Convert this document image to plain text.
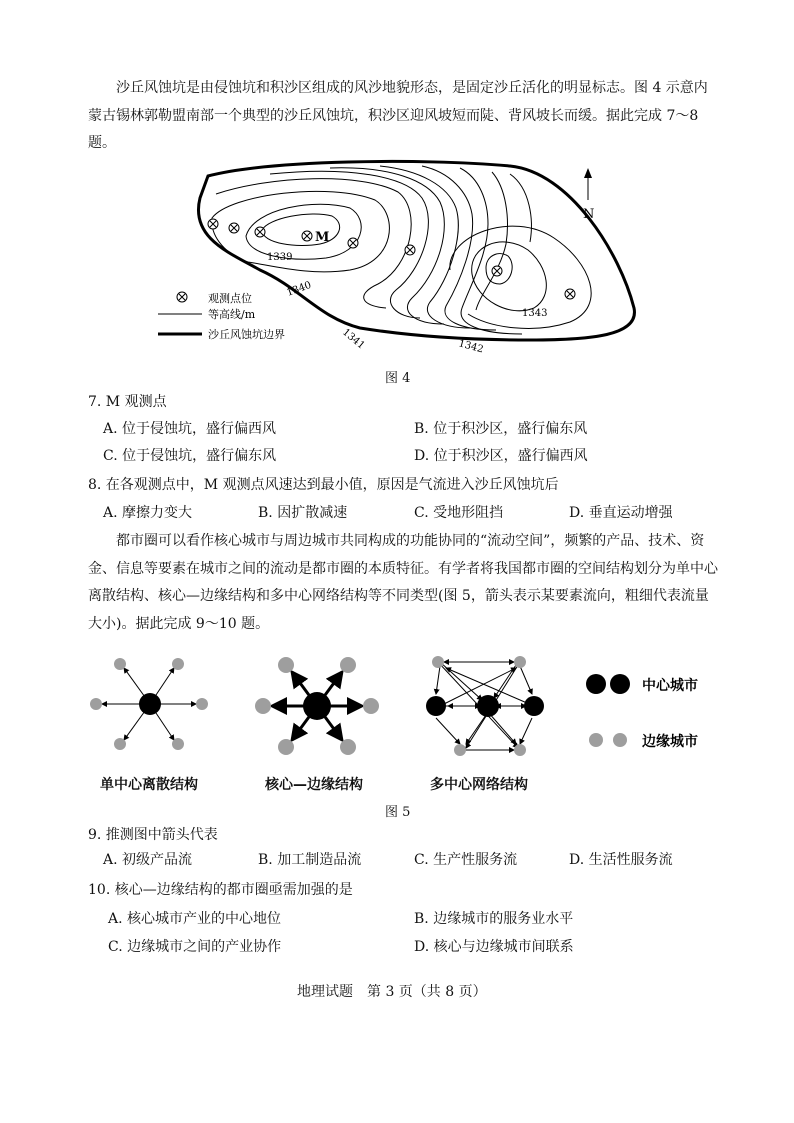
沙丘风蚀坑是由侵蚀坑和积沙区组成的风沙地貌形态，是固定沙丘活化的明显标志。图 4 示意内蒙古锡林郭勒盟南部一个典型的沙丘风蚀坑，积沙区迎风坡短而陡、背风坡长而缓。据此完成 7～8 题。
1339
1340
1341	1342
1343
M
N
观测点位
等高线/m
沙丘风蚀坑边界
图 4
7. M 观测点
A. 位于侵蚀坑，盛行偏西风	B. 位于积沙区，盛行偏东风
C. 位于侵蚀坑，盛行偏东风	D. 位于积沙区，盛行偏西风
8. 在各观测点中，M 观测点风速达到最小值，原因是气流进入沙丘风蚀坑后
A. 摩擦力变大	B. 因扩散减速	C. 受地形阻挡	D. 垂直运动增强
都市圈可以看作核心城市与周边城市共同构成的功能协同的“流动空间”，频繁的产品、技术、资金、信息等要素在城市之间的流动是都市圈的本质特征。有学者将我国都市圈的空间结构划分为单中心离散结构、核心—边缘结构和多中心网络结构等不同类型(图 5，箭头表示某要素流向，粗细代表流量大小)。据此完成 9～10 题。
中心城市
边缘城市
单中心离散结构	核心—边缘结构	多中心网络结构
图 5
9. 推测图中箭头代表
A. 初级产品流	B. 加工制造品流	C. 生产性服务流	D. 生活性服务流
10. 核心—边缘结构的都市圈亟需加强的是
A. 核心城市产业的中心地位	B. 边缘城市的服务业水平
C. 边缘城市之间的产业协作	D. 核心与边缘城市间联系
地理试题　第 3 页（共 8 页）
